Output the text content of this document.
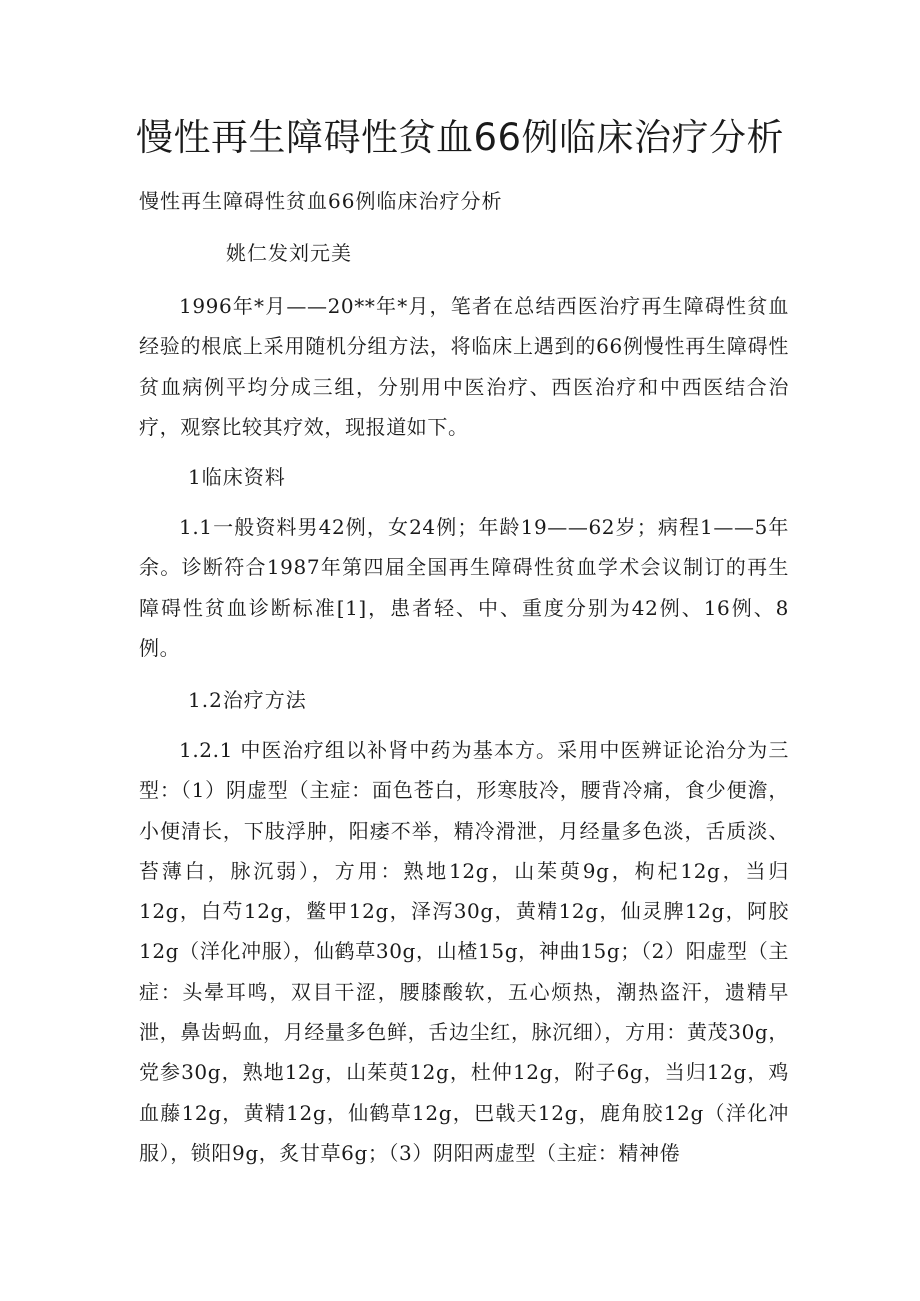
慢性再生障碍性贫血66例临床治疗分析

慢性再生障碍性贫血66例临床治疗分析

姚仁发刘元美

1996年*月——20**年*月，笔者在总结西医治疗再生障碍性贫血经验的根底上采用随机分组方法，将临床上遇到的66例慢性再生障碍性贫血病例平均分成三组，分别用中医治疗、西医治疗和中西医结合治疗，观察比较其疗效，现报道如下。

1临床资料

1.1一般资料男42例，女24例；年龄19——62岁；病程1——5年余。诊断符合1987年第四届全国再生障碍性贫血学术会议制订的再生障碍性贫血诊断标准[1]，患者轻、中、重度分别为42例、16例、8例。

1.2治疗方法

1.2.1 中医治疗组以补肾中药为基本方。采用中医辨证论治分为三型：（1）阴虚型（主症：面色苍白，形寒肢冷，腰背冷痛，食少便澹，小便清长，下肢浮肿，阳痿不举，精冷滑泄，月经量多色淡，舌质淡、苔薄白，脉沉弱），方用：熟地12g，山茱萸9g，枸杞12g，当归12g，白芍12g，鳖甲12g，泽泻30g，黄精12g，仙灵脾12g，阿胶12g（洋化冲服），仙鹤草30g，山楂15g，神曲15g；（2）阳虚型（主症：头晕耳鸣，双目干涩，腰膝酸软，五心烦热，潮热盗汗，遗精早泄，鼻齿蚂血，月经量多色鲜，舌边尘红，脉沉细），方用：黄茂30g，党参30g，熟地12g，山茱萸12g，杜仲12g，附子6g，当归12g，鸡血藤12g，黄精12g，仙鹤草12g，巴戟天12g，鹿角胶12g（洋化冲服），锁阳9g，炙甘草6g；（3）阴阳两虚型（主症：精神倦
